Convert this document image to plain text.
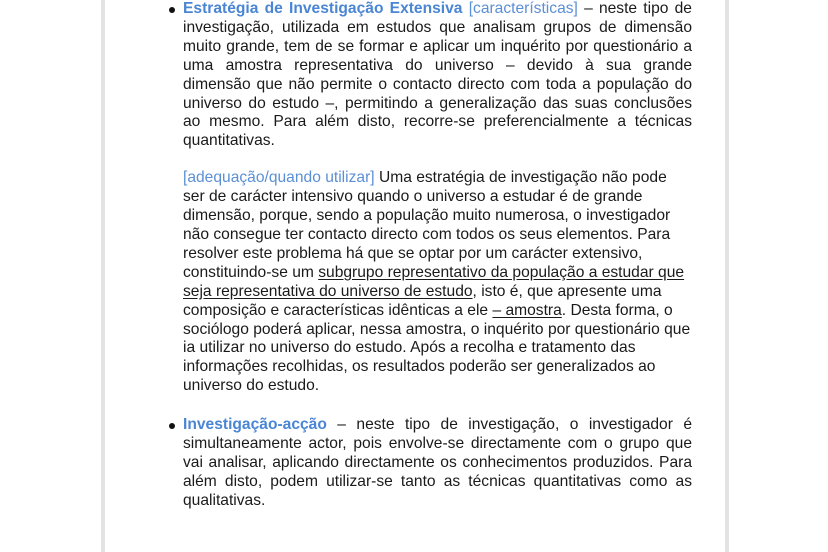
Estratégia de Investigação Extensiva [características] – neste tipo de investigação, utilizada em estudos que analisam grupos de dimensão muito grande, tem de se formar e aplicar um inquérito por questionário a uma amostra representativa do universo – devido à sua grande dimensão que não permite o contacto directo com toda a população do universo do estudo –, permitindo a generalização das suas conclusões ao mesmo. Para além disto, recorre-se preferencialmente a técnicas quantitativas.

[adequação/quando utilizar] Uma estratégia de investigação não pode ser de carácter intensivo quando o universo a estudar é de grande dimensão, porque, sendo a população muito numerosa, o investigador não consegue ter contacto directo com todos os seus elementos. Para resolver este problema há que se optar por um carácter extensivo, constituindo-se um subgrupo representativo da população a estudar que seja representativa do universo de estudo, isto é, que apresente uma composição e características idênticas a ele – amostra. Desta forma, o sociólogo poderá aplicar, nessa amostra, o inquérito por questionário que ia utilizar no universo do estudo. Após a recolha e tratamento das informações recolhidas, os resultados poderão ser generalizados ao universo do estudo.

Investigação-acção – neste tipo de investigação, o investigador é simultaneamente actor, pois envolve-se directamente com o grupo que vai analisar, aplicando directamente os conhecimentos produzidos. Para além disto, podem utilizar-se tanto as técnicas quantitativas como as qualitativas.
